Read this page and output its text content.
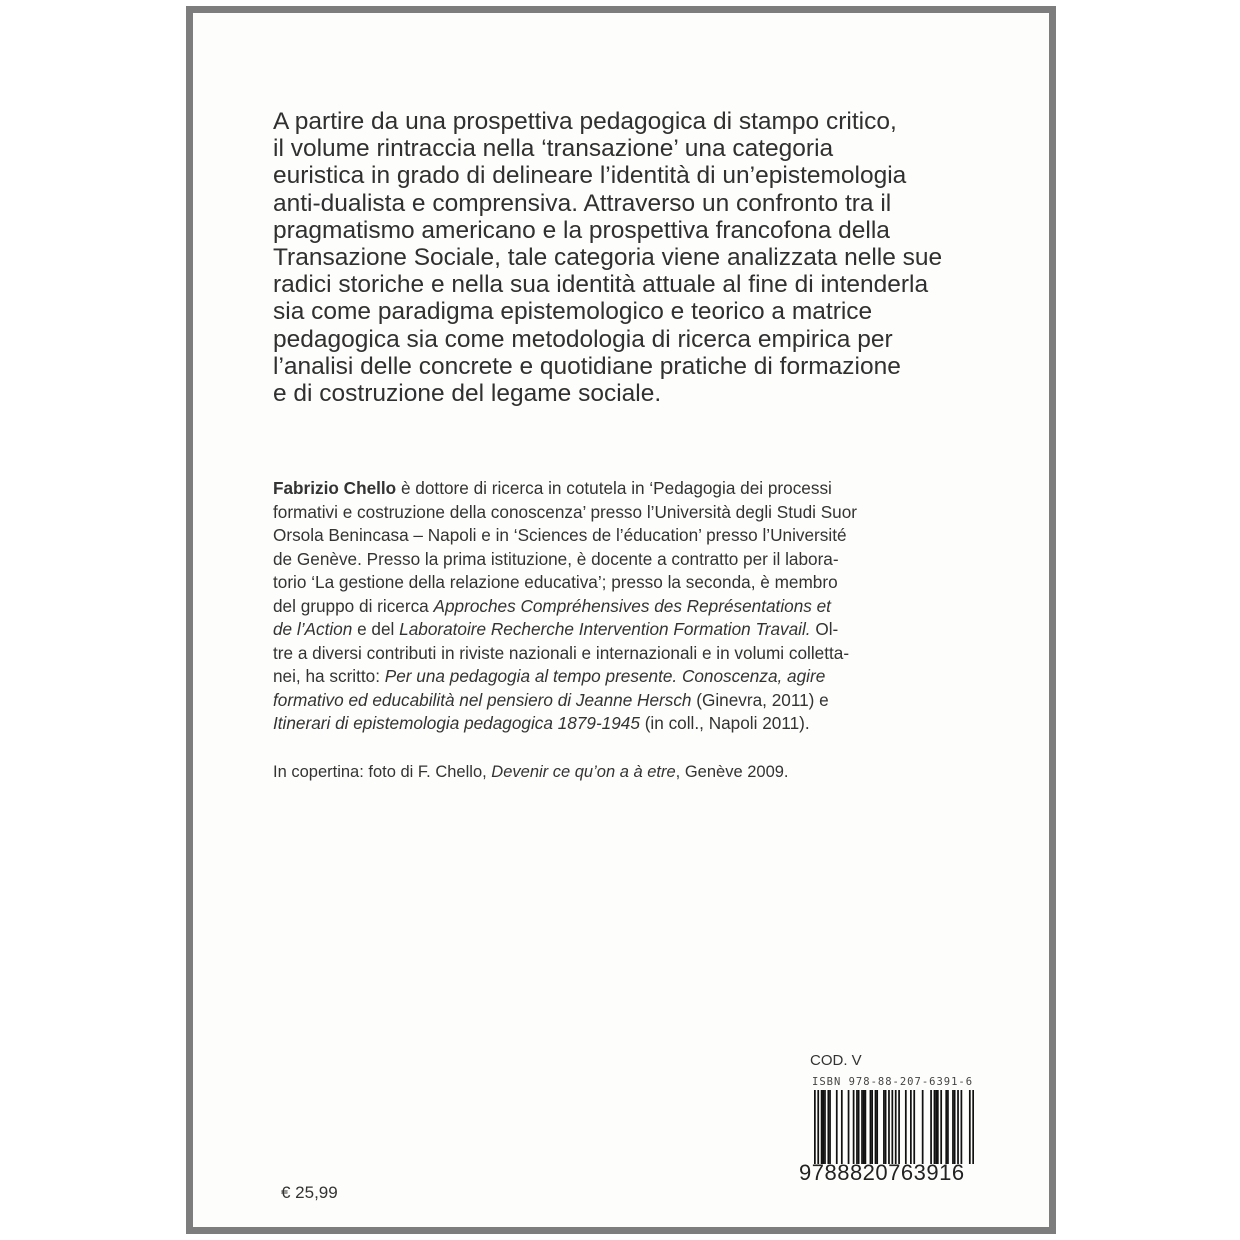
A partire da una prospettiva pedagogica di stampo critico,
il volume rintraccia nella ‘transazione’ una categoria
euristica in grado di delineare l’identità di un’epistemologia
anti-dualista e comprensiva. Attraverso un confronto tra il
pragmatismo americano e la prospettiva francofona della
Transazione Sociale, tale categoria viene analizzata nelle sue
radici storiche e nella sua identità attuale al fine di intenderla
sia come paradigma epistemologico e teorico a matrice
pedagogica sia come metodologia di ricerca empirica per
l’analisi delle concrete e quotidiane pratiche di formazione
e di costruzione del legame sociale.

Fabrizio Chello è dottore di ricerca in cotutela in ‘Pedagogia dei processi
formativi e costruzione della conoscenza’ presso l’Università degli Studi Suor
Orsola Benincasa – Napoli e in ‘Sciences de l’éducation’ presso l’Université
de Genève. Presso la prima istituzione, è docente a contratto per il labora-
torio ‘La gestione della relazione educativa’; presso la seconda, è membro
del gruppo di ricerca Approches Compréhensives des Représentations et
de l’Action e del Laboratoire Recherche Intervention Formation Travail. Ol-
tre a diversi contributi in riviste nazionali e internazionali e in volumi colletta-
nei, ha scritto: Per una pedagogia al tempo presente. Conoscenza, agire
formativo ed educabilità nel pensiero di Jeanne Hersch (Ginevra, 2011) e
Itinerari di epistemologia pedagogica 1879-1945 (in coll., Napoli 2011).

In copertina: foto di F. Chello, Devenir ce qu’on a à etre, Genève 2009.

COD. V
ISBN 978-88-207-6391-6
9788820763916
€ 25,99
